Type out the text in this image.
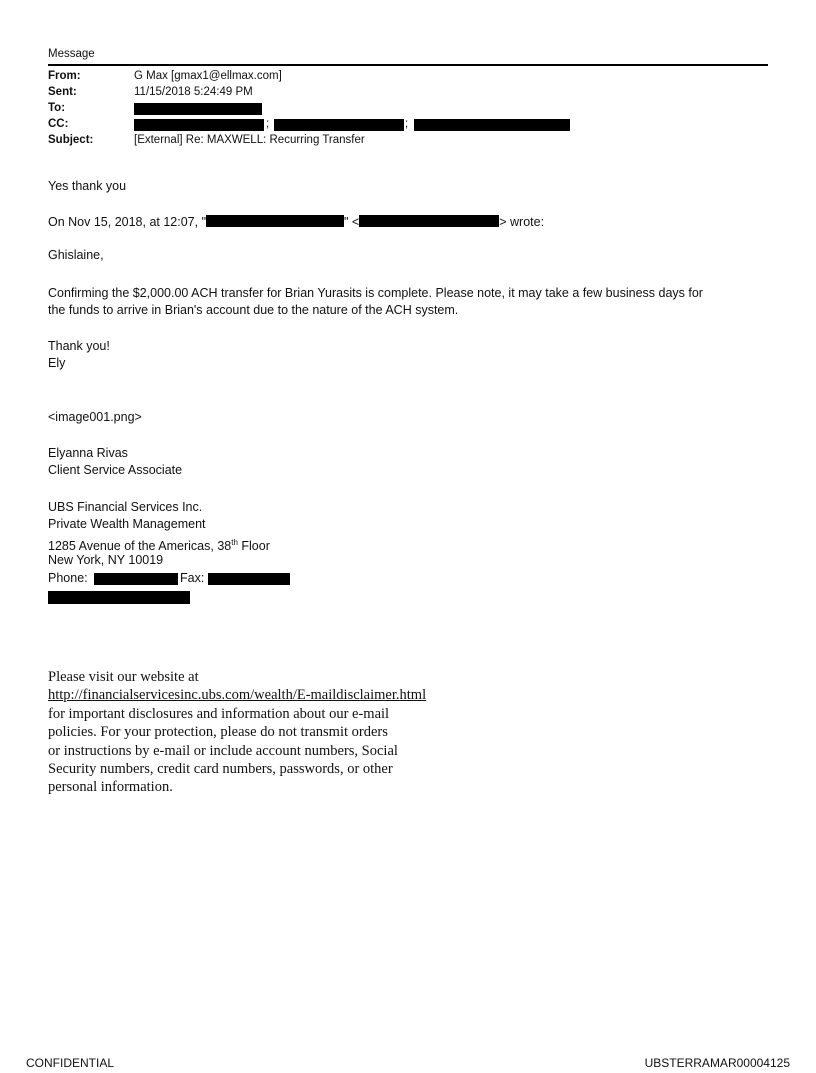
Message
From:	G Max [gmax1@ellmax.com]
Sent:	11/15/2018 5:24:49 PM
To:
CC:	;	;
Subject:	[External] Re: MAXWELL: Recurring Transfer
Yes thank you
On Nov 15, 2018, at 12:07, "	" <	> wrote:
Ghislaine,
Confirming the $2,000.00 ACH transfer for Brian Yurasits is complete. Please note, it may take a few business days for
the funds to arrive in Brian's account due to the nature of the ACH system.
Thank you!
Ely
<image001.png>
Elyanna Rivas
Client Service Associate
UBS Financial Services Inc.
Private Wealth Management
1285 Avenue of the Americas, 38th Floor
New York, NY 10019
Phone:	Fax:
Please visit our website at
http://financialservicesinc.ubs.com/wealth/E-maildisclaimer.html
for important disclosures and information about our e-mail
policies. For your protection, please do not transmit orders
or instructions by e-mail or include account numbers, Social
Security numbers, credit card numbers, passwords, or other
personal information.
CONFIDENTIAL	UBSTERRAMAR00004125
